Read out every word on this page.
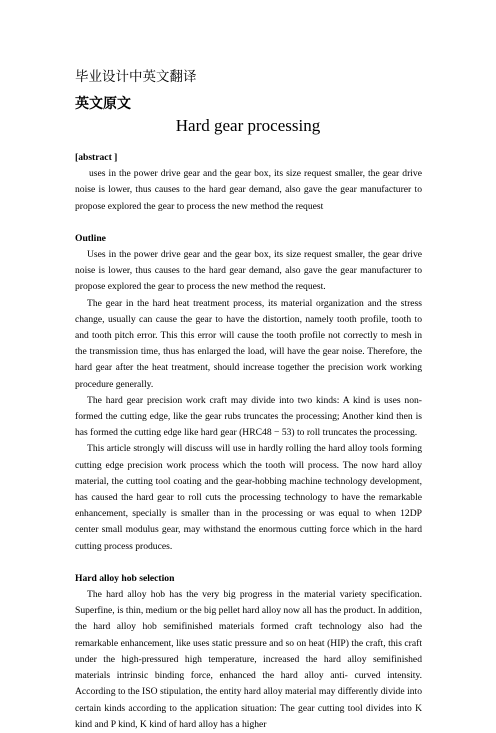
毕业设计中英文翻译
英文原文
Hard gear processing

[abstract ]

uses in the power drive gear and the gear box, its size request smaller, the gear drive noise is lower, thus causes to the hard gear demand, also gave the gear manufacturer to propose explored the gear to process the new method the request

Outline

Uses in the power drive gear and the gear box, its size request smaller, the gear drive noise is lower, thus causes to the hard gear demand, also gave the gear manufacturer to propose explored the gear to process the new method the request.

The gear in the hard heat treatment process, its material organization and the stress change, usually can cause the gear to have the distortion, namely tooth profile, tooth to and tooth pitch error. This this error will cause the tooth profile not correctly to mesh in the transmission time, thus has enlarged the load, will have the gear noise. Therefore, the hard gear after the heat treatment, should increase together the precision work working procedure generally.

The hard gear precision work craft may divide into two kinds: A kind is uses non-formed the cutting edge, like the gear rubs truncates the processing; Another kind then is has formed the cutting edge like hard gear (HRC48 − 53) to roll truncates the processing.

This article strongly will discuss will use in hardly rolling the hard alloy tools forming cutting edge precision work process which the tooth will process. The now hard alloy material, the cutting tool coating and the gear-hobbing machine technology development, has caused the hard gear to roll cuts the processing technology to have the remarkable enhancement, specially is smaller than in the processing or was equal to when 12DP center small modulus gear, may withstand the enormous cutting force which in the hard cutting process produces.

Hard alloy hob selection

The hard alloy hob has the very big progress in the material variety specification. Superfine, is thin, medium or the big pellet hard alloy now all has the product. In addition, the hard alloy hob semifinished materials formed craft technology also had the remarkable enhancement, like uses static pressure and so on heat (HIP) the craft, this craft under the high-pressured high temperature, increased the hard alloy semifinished materials intrinsic binding force, enhanced the hard alloy anti- curved intensity. According to the ISO stipulation, the entity hard alloy material may differently divide into certain kinds according to the application situation: The gear cutting tool divides into K kind and P kind, K kind of hard alloy has a higher
